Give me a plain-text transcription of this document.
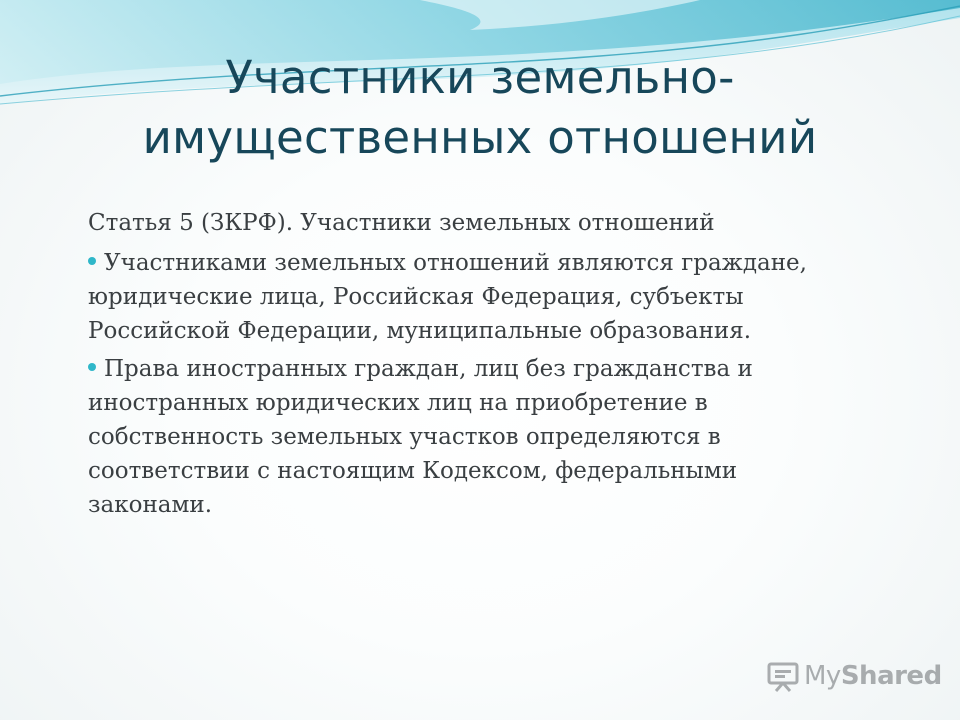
Участники земельно-
имущественных отношений
Статья 5 (ЗКРФ). Участники земельных отношений
Участниками земельных отношений являются граждане, юридические лица, Российская Федерация, субъекты Российской Федерации, муниципальные образования.
Права иностранных граждан, лиц без гражданства и иностранных юридических лиц на приобретение в собственность земельных участков определяются в соответствии с настоящим Кодексом, федеральными законами.
MyShared
